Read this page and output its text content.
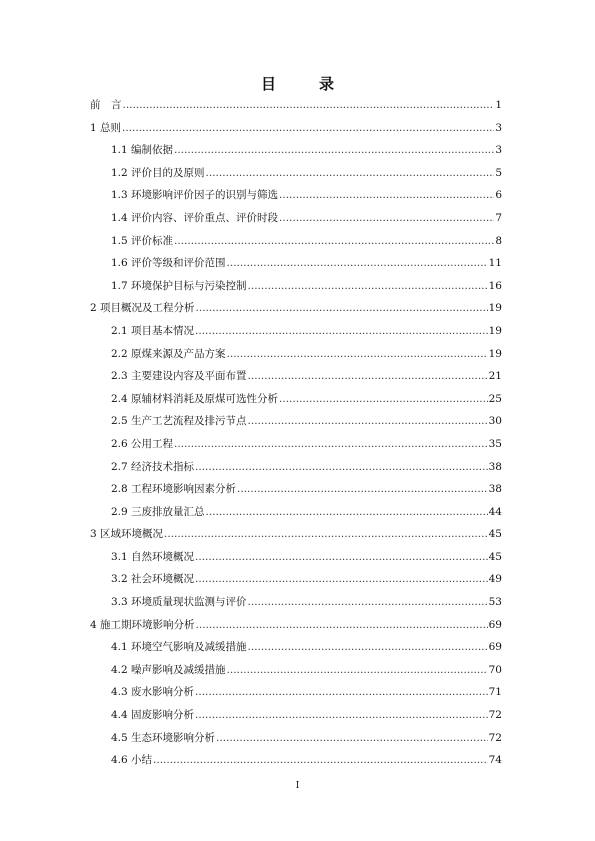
目　录
前　言 .....	1
1 总则 .....	3
1.1 编制依据 .....	3
1.2 评价目的及原则 .....	5
1.3 环境影响评价因子的识别与筛选 .....	6
1.4 评价内容、评价重点、评价时段 .....	7
1.5 评价标准 .....	8
1.6 评价等级和评价范围 .....	11
1.7 环境保护目标与污染控制 .....	16
2 项目概况及工程分析 .....	19
2.1 项目基本情况 .....	19
2.2 原煤来源及产品方案 .....	19
2.3 主要建设内容及平面布置 .....	21
2.4 原辅材料消耗及原煤可选性分析 .....	25
2.5 生产工艺流程及排污节点 .....	30
2.6 公用工程 .....	35
2.7 经济技术指标 .....	38
2.8 工程环境影响因素分析 .....	38
2.9 三废排放量汇总 .....	44
3 区域环境概况 .....	45
3.1 自然环境概况 .....	45
3.2 社会环境概况 .....	49
3.3 环境质量现状监测与评价 .....	53
4 施工期环境影响分析 .....	69
4.1 环境空气影响及减缓措施 .....	69
4.2 噪声影响及减缓措施 .....	70
4.3 废水影响分析 .....	71
4.4 固废影响分析 .....	72
4.5 生态环境影响分析 .....	72
4.6 小结 .....	74
I
